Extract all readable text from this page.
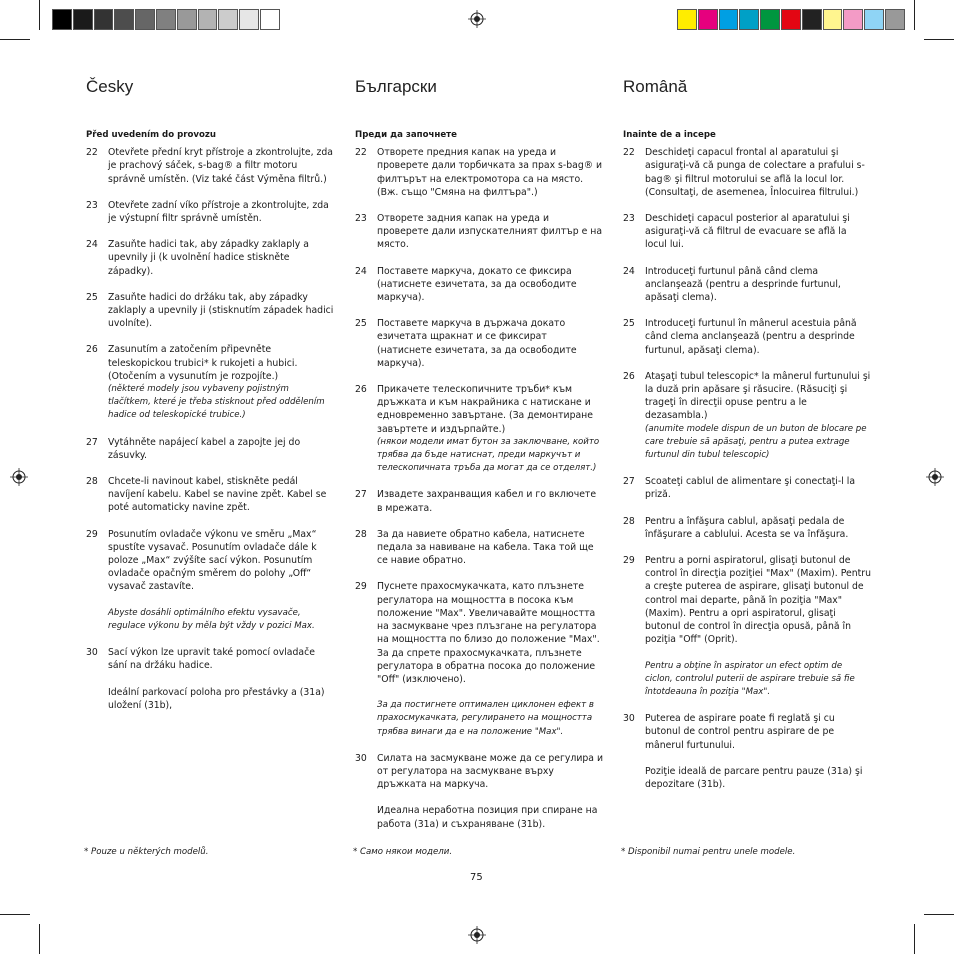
Česky
Před uvedením do provozu
22	Otevřete přední kryt přístroje a zkontrolujte, zda je prachový sáček, s-bag® a filtr motoru správně umístěn. (Viz také část Výměna filtrů.)
23	Otevřete zadní víko přístroje a zkontrolujte, zda je výstupní filtr správně umístěn.
24	Zasuňte hadici tak, aby západky zaklaply a upevnily ji (k uvolnění hadice stiskněte západky).
25	Zasuňte hadici do držáku tak, aby západky zaklaply a upevnily ji (stisknutím západek hadici uvolníte).
26	Zasunutím a zatočením připevněte teleskopickou trubici* k rukojeti a hubici. (Otočením a vysunutím je rozpojíte.)
(některé modely jsou vybaveny pojistným tlačítkem, které je třeba stisknout před oddělením hadice od teleskopické trubice.)
27	Vytáhněte napájecí kabel a zapojte jej do zásuvky.
28	Chcete-li navinout kabel, stiskněte pedál navíjení kabelu. Kabel se navine zpět. Kabel se poté automaticky navine zpět.
29	Posunutím ovladače výkonu ve směru „Max“ spustíte vysavač. Posunutím ovladače dále k poloze „Max“ zvýšíte sací výkon. Posunutím ovladače opačným směrem do polohy „Off“ vysavač zastavíte.
Abyste dosáhli optimálního efektu vysavače, regulace výkonu by měla být vždy v pozici Max.
30	Sací výkon lze upravit také pomocí ovladače sání na držáku hadice.
Ideální parkovací poloha pro přestávky a (31a) uložení (31b),
Български
Преди да започнете
22	Отворете предния капак на уреда и проверете дали торбичката за прах s-bag® и филтърът на електромотора са на място. (Вж. също "Смяна на филтъра".)
23	Отворете задния капак на уреда и проверете дали изпускателният филтър е на място.
24	Поставете маркуча, докато се фиксира (натиснете езичетата, за да освободите маркуча).
25	Поставете маркуча в държача докато езичетата щракнат и се фиксират (натиснете езичетата, за да освободите маркуча).
26	Прикачете телескопичните тръби* към дръжката и към накрайника с натискане и едновременно завъртане. (За демонтиране завъртете и издърпайте.)
(някои модели имат бутон за заключване, който трябва да бъде натиснат, преди маркучът и телескопичната тръба да могат да се отделят.)
27	Извадете захранващия кабел и го включете в мрежата.
28	За да навиете обратно кабела, натиснете педала за навиване на кабела. Така той ще се навие обратно.
29	Пуснете прахосмукачката, като плъзнете регулатора на мощността в посока към положение "Max". Увеличавайте мощността на засмукване чрез плъзгане на регулатора на мощността по близо до положение "Max". За да спрете прахосмукачката, плъзнете регулатора в обратна посока до положение "Off" (изключено).
За да постигнете оптимален циклонен ефект в прахосмукачката, регулирането на мощността трябва винаги да е на положение "Max".
30	Силата на засмукване може да се регулира и от регулатора на засмукване върху дръжката на маркуча.
Идеална неработна позиция при спиране на работа (31a) и съхраняване (31b).
Română
Inainte de a incepe
22	Deschideţi capacul frontal al aparatului şi asiguraţi-vă că punga de colectare a prafului s-bag® şi filtrul motorului se află la locul lor. (Consultaţi, de asemenea, Înlocuirea filtrului.)
23	Deschideţi capacul posterior al aparatului şi asiguraţi-vă că filtrul de evacuare se află la locul lui.
24	Introduceţi furtunul până când clema anclanşează (pentru a desprinde furtunul, apăsaţi clema).
25	Introduceţi furtunul în mânerul acestuia până când clema anclanşează (pentru a desprinde furtunul, apăsaţi clema).
26	Ataşaţi tubul telescopic* la mânerul furtunului şi la duză prin apăsare şi răsucire. (Răsuciţi şi trageţi în direcţii opuse pentru a le dezasambla.)
(anumite modele dispun de un buton de blocare pe care trebuie să apăsaţi, pentru a putea extrage furtunul din tubul telescopic)
27	Scoateţi cablul de alimentare şi conectaţi-l la priză.
28	Pentru a înfăşura cablul, apăsaţi pedala de înfăşurare a cablului. Acesta se va înfăşura.
29	Pentru a porni aspiratorul, glisaţi butonul de control în direcţia poziţiei "Max" (Maxim). Pentru a creşte puterea de aspirare, glisaţi butonul de control mai departe, până în poziţia "Max" (Maxim). Pentru a opri aspiratorul, glisaţi butonul de control în direcţia opusă, până în poziţia "Off" (Oprit).
Pentru a obţine în aspirator un efect optim de ciclon, controlul puterii de aspirare trebuie să fie întotdeauna în poziţia "Max".
30	Puterea de aspirare poate fi reglată şi cu butonul de control pentru aspirare de pe mânerul furtunului.
Poziţie ideală de parcare pentru pauze (31a) şi depozitare (31b).
* Pouze u některých modelů.	* Само някои модели.	* Disponibil numai pentru unele modele.
75
